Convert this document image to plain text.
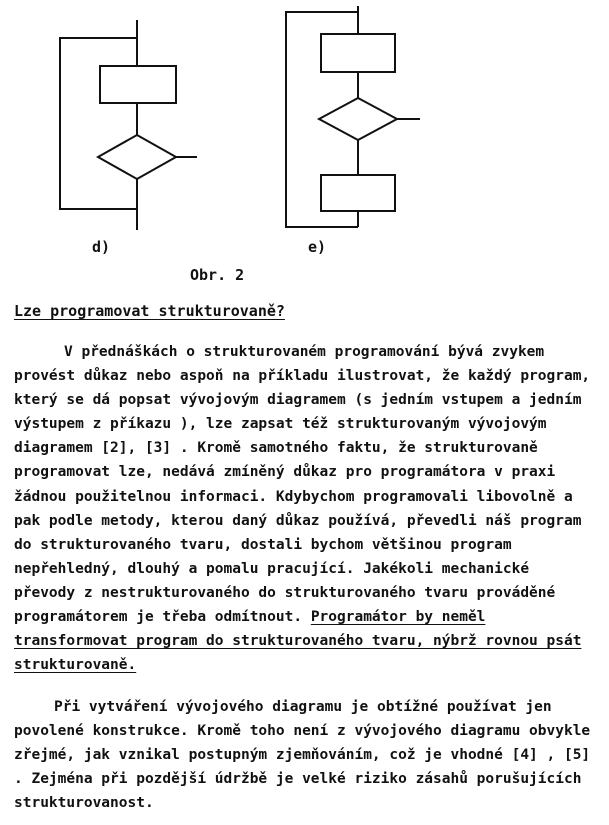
d)	e)
Obr. 2
Lze programovat strukturovaně?
V přednáškách o strukturovaném programování bývá zvykem provést důkaz nebo aspoň na příkladu ilustrovat, že každý program, který se dá popsat vývojovým diagramem (s jedním vstupem a jedním výstupem z příkazu ), lze zapsat též strukturovaným vývojovým diagramem [2], [3] . Kromě samotného faktu, že strukturovaně programovat lze, nedává zmíněný důkaz pro programátora v praxi žádnou použitelnou informaci. Kdybychom programovali libovolně a pak podle metody, kterou daný důkaz používá, převedli náš program do strukturovaného tvaru, dostali bychom většinou program nepřehledný, dlouhý a pomalu pracující. Jakékoli mechanické převody z nestrukturovaného do strukturovaného tvaru prováděné programátorem je třeba odmítnout. Programátor by neměl transformovat program do strukturovaného tvaru, nýbrž rovnou psát strukturovaně.
Při vytváření vývojového diagramu je obtížné používat jen povolené konstrukce. Kromě toho není z vývojového diagramu obvykle zřejmé, jak vznikal postupným zjemňováním, což je vhodné [4] , [5] . Zejména při pozdější údržbě je velké riziko zásahů porušujících strukturovanost.
